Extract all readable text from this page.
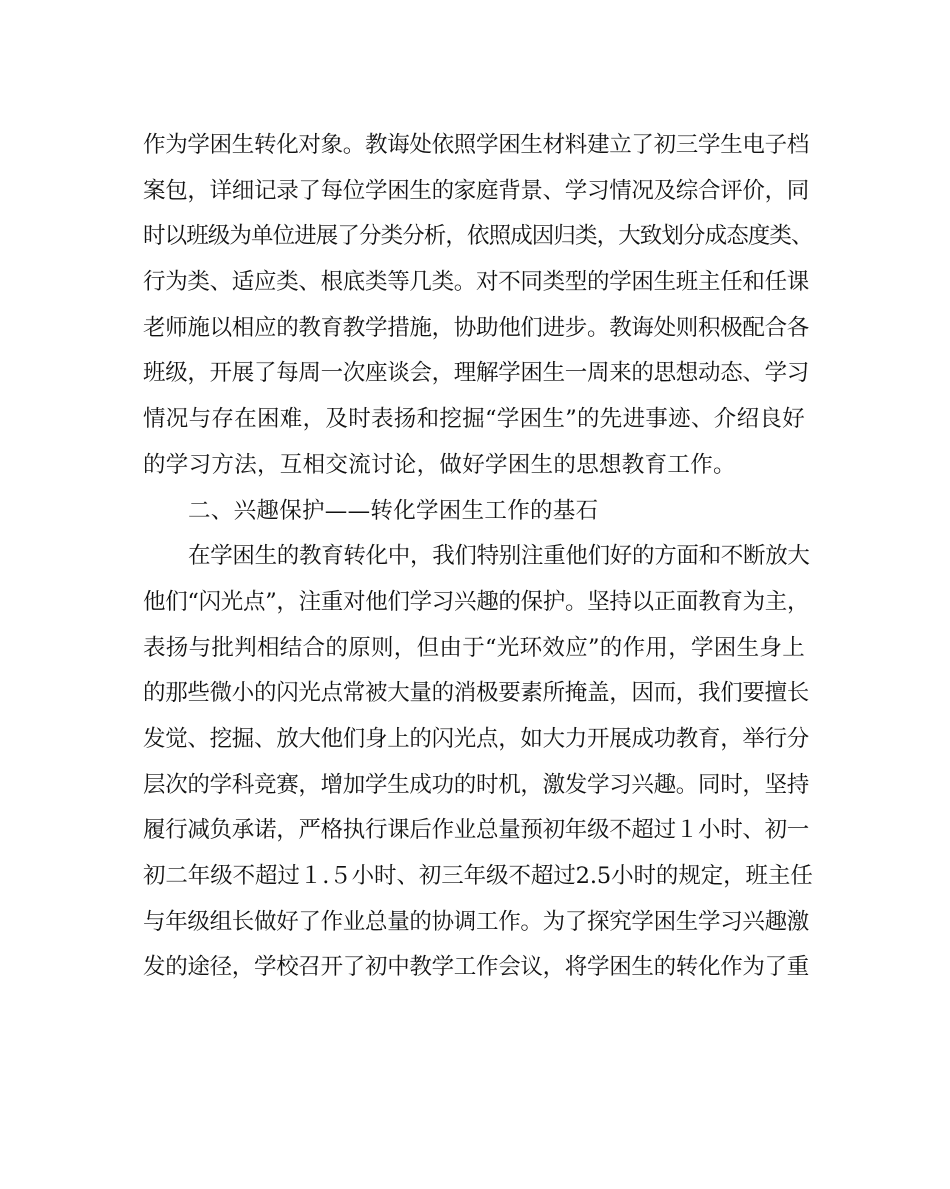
作为学困生转化对象。教诲处依照学困生材料建立了初三学生电子档
案包，详细记录了每位学困生的家庭背景、学习情况及综合评价，同
时以班级为单位进展了分类分析，依照成因归类，大致划分成态度类、
行为类、适应类、根底类等几类。对不同类型的学困生班主任和任课
老师施以相应的教育教学措施，协助他们进步。教诲处则积极配合各
班级，开展了每周一次座谈会，理解学困生一周来的思想动态、学习
情况与存在困难，及时表扬和挖掘“学困生”的先进事迹、介绍良好
的学习方法，互相交流讨论，做好学困生的思想教育工作。
二、兴趣保护——转化学困生工作的基石
在学困生的教育转化中，我们特别注重他们好的方面和不断放大
他们“闪光点”，注重对他们学习兴趣的保护。坚持以正面教育为主，
表扬与批判相结合的原则，但由于“光环效应”的作用，学困生身上
的那些微小的闪光点常被大量的消极要素所掩盖，因而，我们要擅长
发觉、挖掘、放大他们身上的闪光点，如大力开展成功教育，举行分
层次的学科竞赛，增加学生成功的时机，激发学习兴趣。同时，坚持
履行减负承诺，严格执行课后作业总量预初年级不超过１小时、初一
初二年级不超过１.５小时、初三年级不超过2.5小时的规定，班主任
与年级组长做好了作业总量的协调工作。为了探究学困生学习兴趣激
发的途径，学校召开了初中教学工作会议，将学困生的转化作为了重
